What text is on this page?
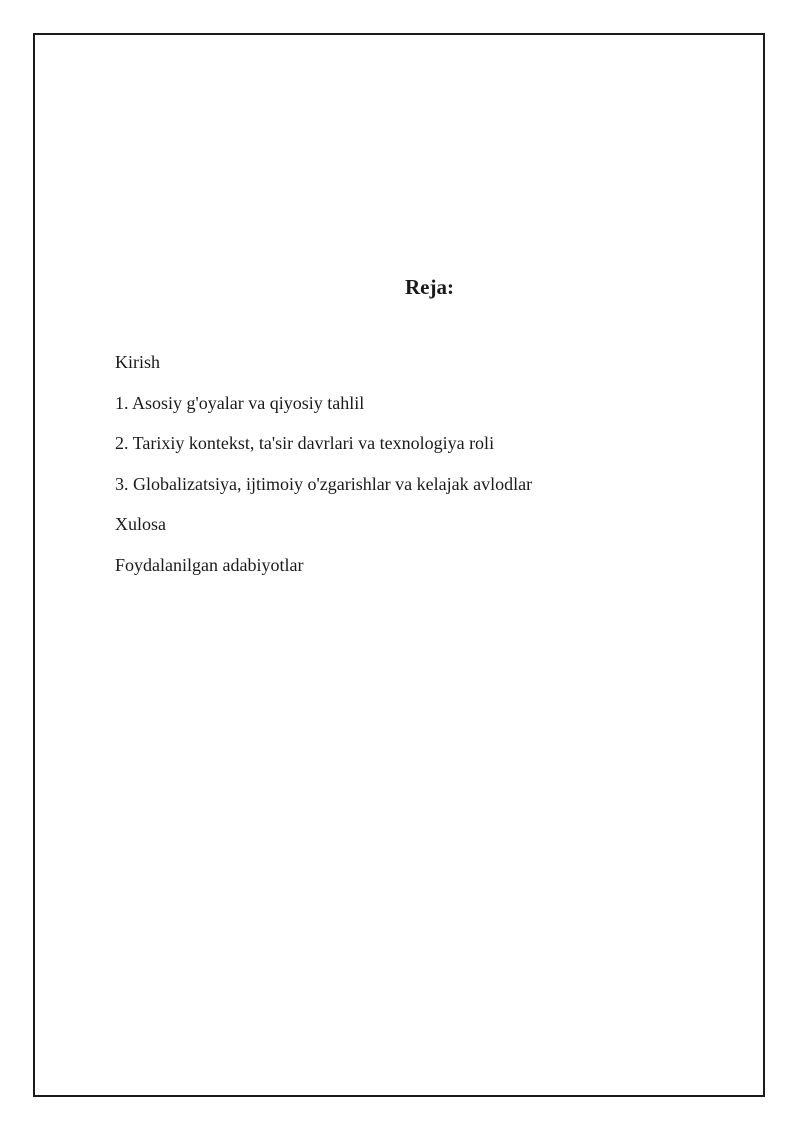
Reja:
Kirish
1. Asosiy g'oyalar va qiyosiy tahlil
2. Tarixiy kontekst, ta'sir davrlari va texnologiya roli
3. Globalizatsiya, ijtimoiy o'zgarishlar va kelajak avlodlar
Xulosa
Foydalanilgan adabiyotlar
